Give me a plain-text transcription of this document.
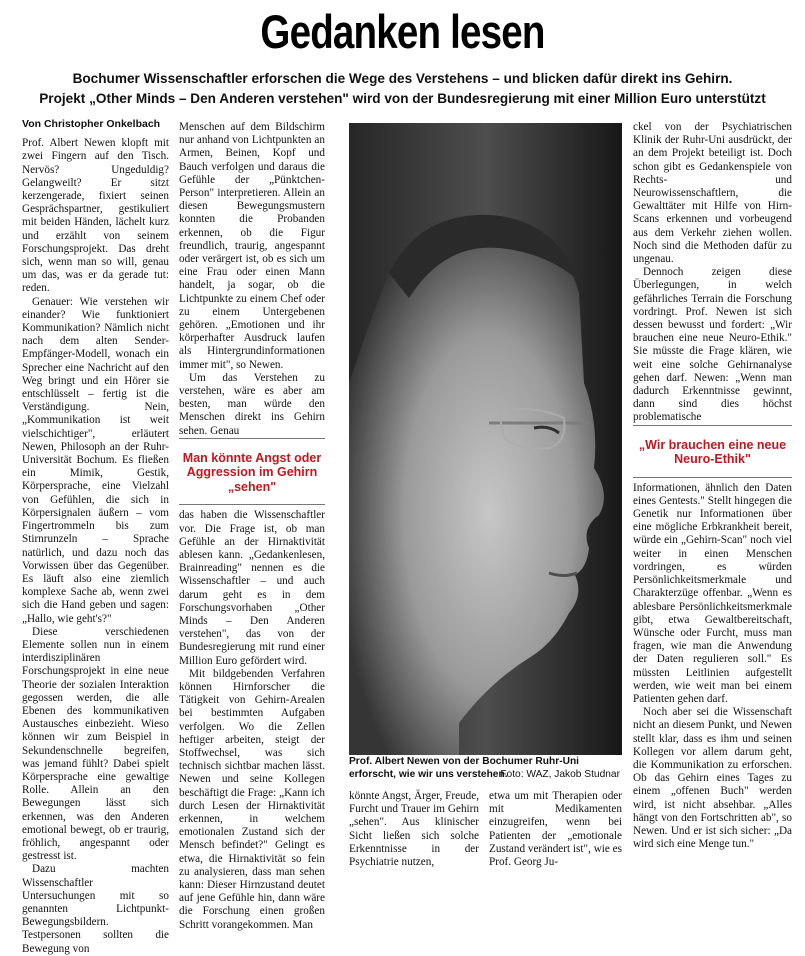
Gedanken lesen
Bochumer Wissenschaftler erforschen die Wege des Verstehens – und blicken dafür direkt ins Gehirn.
Projekt „Other Minds – Den Anderen verstehen" wird von der Bundesregierung mit einer Million Euro unterstützt
Von Christopher Onkelbach

Prof. Albert Newen klopft mit zwei Fingern auf den Tisch. Nervös? Ungeduldig? Gelangweilt? Er sitzt kerzengerade, fixiert seinen Gesprächspartner, gestikuliert mit beiden Händen, lächelt kurz und erzählt von seinem Forschungsprojekt. Das dreht sich, wenn man so will, genau um das, was er da gerade tut: reden.

Genauer: Wie verstehen wir einander? Wie funktioniert Kommunikation? Nämlich nicht nach dem alten Sender-Empfänger-Modell, wonach ein Sprecher eine Nachricht auf den Weg bringt und ein Hörer sie entschlüsselt – fertig ist die Verständigung. Nein, „Kommunikation ist weit vielschichtiger", erläutert Newen, Philosoph an der Ruhr-Universität Bochum. Es fließen ein Mimik, Gestik, Körpersprache, eine Vielzahl von Gefühlen, die sich in Körpersignalen äußern – vom Fingertrommeln bis zum Stirnrunzeln – Sprache natürlich, und dazu noch das Vorwissen über das Gegenüber. Es läuft also eine ziemlich komplexe Sache ab, wenn zwei sich die Hand geben und sagen: „Hallo, wie geht's?"

Diese verschiedenen Elemente sollen nun in einem interdisziplinären Forschungsprojekt in eine neue Theorie der sozialen Interaktion gegossen werden, die alle Ebenen des kommunikativen Austausches einbezieht. Wieso können wir zum Beispiel in Sekundenschnelle begreifen, was jemand fühlt? Dabei spielt Körpersprache eine gewaltige Rolle. Allein an den Bewegungen lässt sich erkennen, was den Anderen emotional bewegt, ob er traurig, fröhlich, angespannt oder gestresst ist.

Dazu machten Wissenschaftler Untersuchungen mit so genannten Lichtpunkt-Bewegungsbildern. Testpersonen sollten die Bewegung von

Menschen auf dem Bildschirm nur anhand von Lichtpunkten an Armen, Beinen, Kopf und Bauch verfolgen und daraus die Gefühle der „Pünktchen-Person" interpretieren. Allein an diesen Bewegungsmustern konnten die Probanden erkennen, ob die Figur freundlich, traurig, angespannt oder verärgert ist, ob es sich um eine Frau oder einen Mann handelt, ja sogar, ob die Lichtpunkte zu einem Chef oder zu einem Untergebenen gehören. „Emotionen und ihr körperhafter Ausdruck laufen als Hintergrundinformationen immer mit", so Newen.

Um das Verstehen zu verstehen, wäre es aber am besten, man würde den Menschen direkt ins Gehirn sehen. Genau

Man könnte Angst oder Aggression im Gehirn „sehen"

das haben die Wissenschaftler vor. Die Frage ist, ob man Gefühle an der Hirnaktivität ablesen kann. „Gedankenlesen, Brainreading" nennen es die Wissenschaftler – und auch darum geht es in dem Forschungsvorhaben „Other Minds – Den Anderen verstehen", das von der Bundesregierung mit rund einer Million Euro gefördert wird.

Mit bildgebenden Verfahren können Hirnforscher die Tätigkeit von Gehirn-Arealen bei bestimmten Aufgaben verfolgen. Wo die Zellen heftiger arbeiten, steigt der Stoffwechsel, was sich technisch sichtbar machen lässt. Newen und seine Kollegen beschäftigt die Frage: „Kann ich durch Lesen der Hirnaktivität erkennen, in welchem emotionalen Zustand sich der Mensch befindet?" Gelingt es etwa, die Hirnaktivität so fein zu analysieren, dass man sehen kann: Dieser Hirnzustand deutet auf jene Gefühle hin, dann wäre die Forschung einen großen Schritt vorangekommen. Man

Prof. Albert Newen von der Bochumer Ruhr-Uni erforscht, wie wir uns verstehen.
Foto: WAZ, Jakob Studnar
könnte Angst, Ärger, Freude, Furcht und Trauer im Gehirn „sehen". Aus klinischer Sicht ließen sich solche Erkenntnisse in der Psychiatrie nutzen,
etwa um mit Therapien oder mit Medikamenten einzugreifen, wenn bei Patienten der „emotionale Zustand verändert ist", wie es Prof. Georg Ju-

ckel von der Psychiatrischen Klinik der Ruhr-Uni ausdrückt, der an dem Projekt beteiligt ist. Doch schon gibt es Gedankenspiele von Rechts- und Neurowissenschaftlern, die Gewalttäter mit Hilfe von Hirn-Scans erkennen und vorbeugend aus dem Verkehr ziehen wollen. Noch sind die Methoden dafür zu ungenau.

Dennoch zeigen diese Überlegungen, in welch gefährliches Terrain die Forschung vordringt. Prof. Newen ist sich dessen bewusst und fordert: „Wir brauchen eine neue Neuro-Ethik." Sie müsste die Frage klären, wie weit eine solche Gehirnanalyse gehen darf. Newen: „Wenn man dadurch Erkenntnisse gewinnt, dann sind dies höchst problematische

„Wir brauchen eine neue Neuro-Ethik"

Informationen, ähnlich den Daten eines Gentests." Stellt hingegen die Genetik nur Informationen über eine mögliche Erbkrankheit bereit, würde ein „Gehirn-Scan" noch viel weiter in einen Menschen vordringen, es würden Persönlichkeitsmerkmale und Charakterzüge offenbar. „Wenn es ablesbare Persönlichkeitsmerkmale gibt, etwa Gewaltbereitschaft, Wünsche oder Furcht, muss man fragen, wie man die Anwendung der Daten regulieren soll." Es müssten Leitlinien aufgestellt werden, wie weit man bei einem Patienten gehen darf.

Noch aber sei die Wissenschaft nicht an diesem Punkt, und Newen stellt klar, dass es ihm und seinen Kollegen vor allem darum geht, die Kommunikation zu erforschen. Ob das Gehirn eines Tages zu einem „offenen Buch" werden wird, ist nicht absehbar. „Alles hängt von den Fortschritten ab", so Newen. Und er ist sich sicher: „Da wird sich eine Menge tun."
